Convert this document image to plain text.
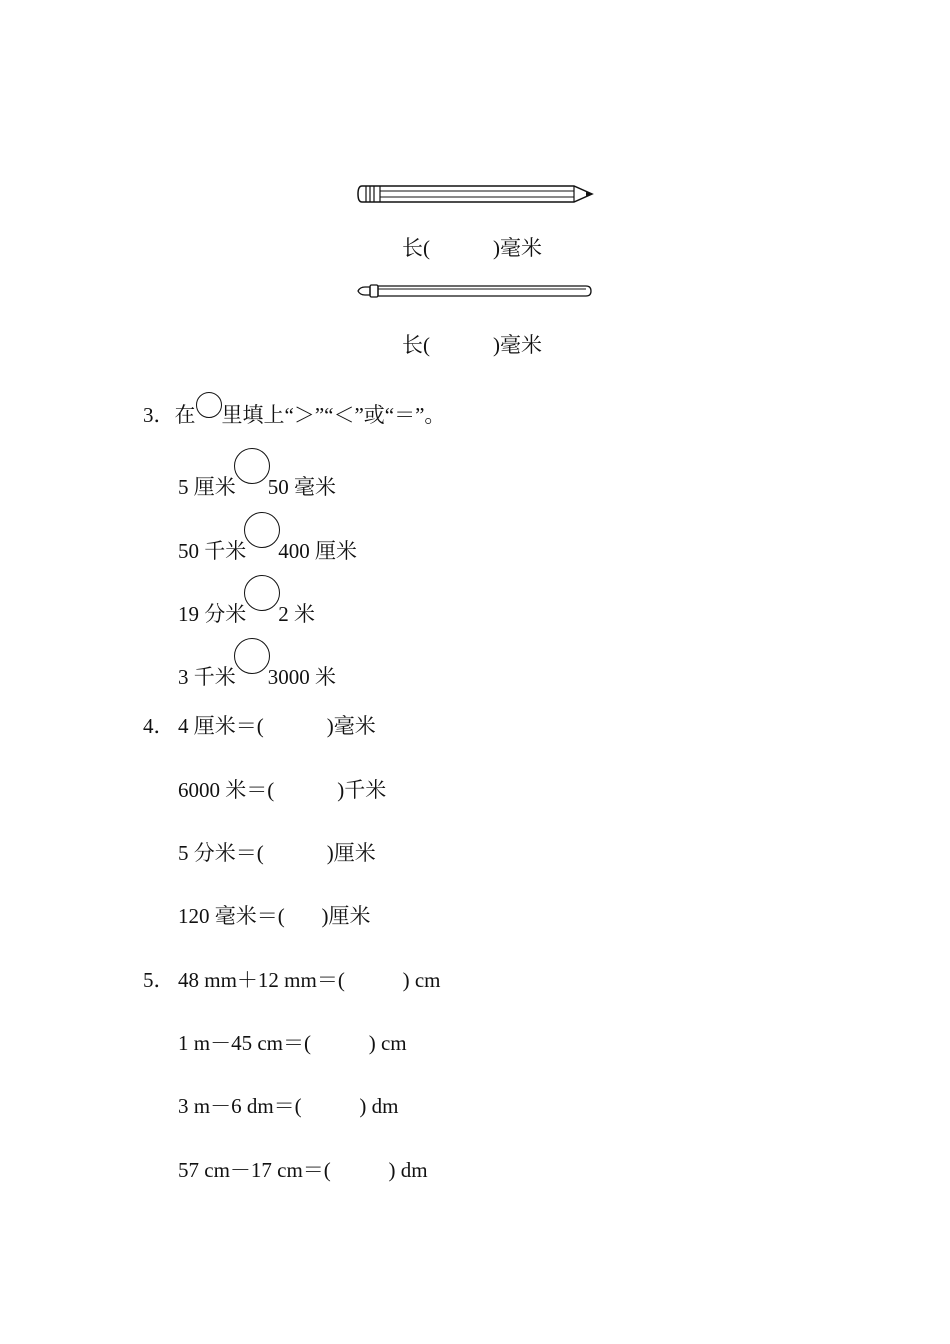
长(            )毫米
长(            )毫米
3．在 里填上“＞”“＜”或“＝”。
5 厘米 50 毫米
50 千米 400 厘米
19 分米 2 米
3 千米 3000 米
4． 4 厘米＝(            )毫米
6000 米＝(            )千米
5 分米＝(            )厘米
120 毫米＝(       )厘米
5． 48 mm＋12 mm＝(           ) cm
1 m－45 cm＝(           ) cm
3 m－6 dm＝(           ) dm
57 cm－17 cm＝(           ) dm
